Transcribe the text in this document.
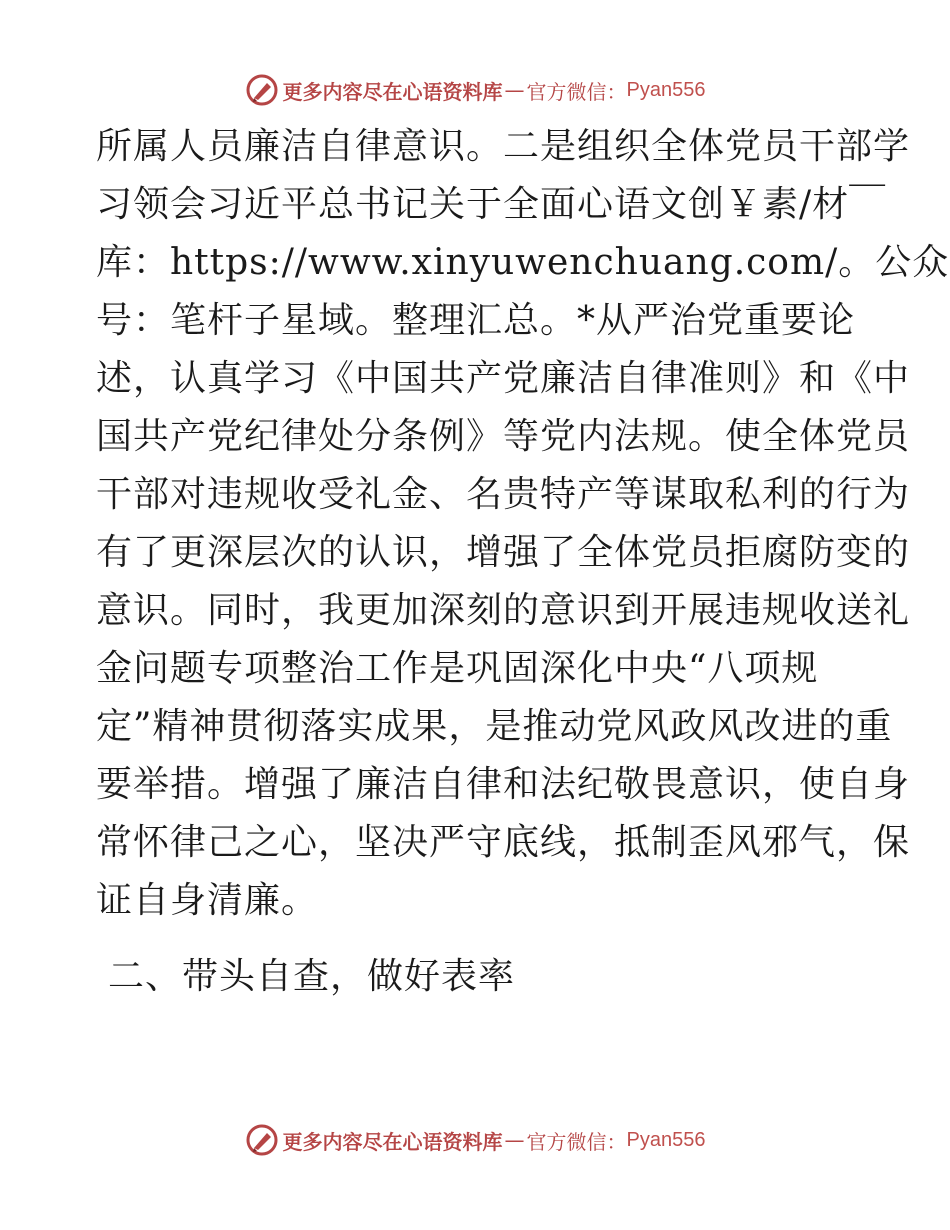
更多内容尽在心语资料库 — 官方微信： Pyan556
所属人员廉洁自律意识。二是组织全体党员干部学
习领会习近平总书记关于全面心语文创￥素/材￣
库：https://www.xinyuwenchuang.com/。公众
号：笔杆子星域。整理汇总。*从严治党重要论
述，认真学习《中国共产党廉洁自律准则》和《中
国共产党纪律处分条例》等党内法规。使全体党员
干部对违规收受礼金、名贵特产等谋取私利的行为
有了更深层次的认识，增强了全体党员拒腐防变的
意识。同时，我更加深刻的意识到开展违规收送礼
金问题专项整治工作是巩固深化中央“八项规
定”精神贯彻落实成果，是推动党风政风改进的重
要举措。增强了廉洁自律和法纪敬畏意识，使自身
常怀律己之心，坚决严守底线，抵制歪风邪气，保
证自身清廉。
二、带头自查，做好表率
更多内容尽在心语资料库 — 官方微信： Pyan556
